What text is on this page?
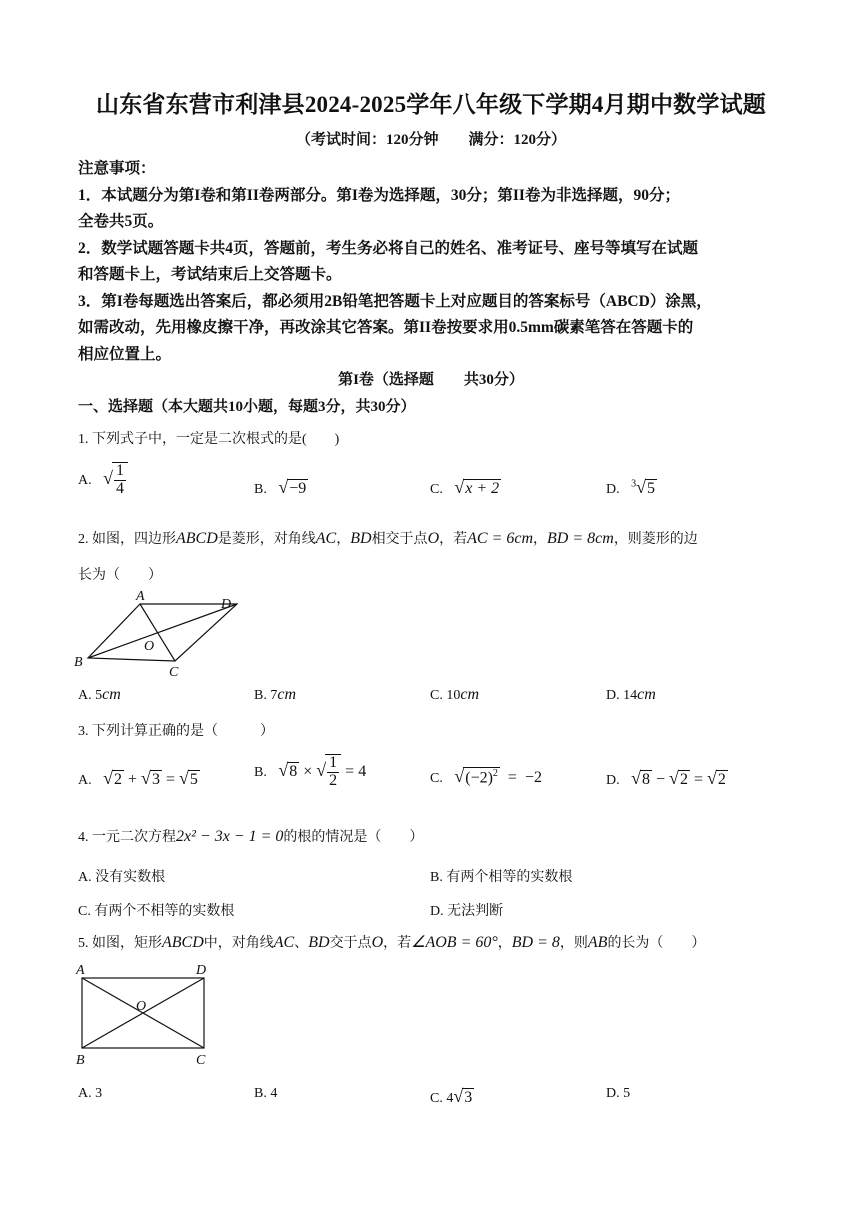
山东省东营市利津县2024-2025学年八年级下学期4月期中数学试题
（考试时间：120分钟　　满分：120分）

注意事项：

1．本试题分为第I卷和第II卷两部分。第I卷为选择题，30分；第II卷为非选择题，90分；

全卷共5页。

2．数学试题答题卡共4页，答题前，考生务必将自己的姓名、准考证号、座号等填写在试题

和答题卡上，考试结束后上交答题卡。

3．第I卷每题选出答案后，都必须用2B铅笔把答题卡上对应题目的答案标号（ABCD）涂黑，

如需改动，先用橡皮擦干净，再改涂其它答案。第II卷按要求用0.5mm碳素笔答在答题卡的

相应位置上。

第I卷（选择题　　共30分）
一、选择题（本大题共10小题，每题3分，共30分）
1. 下列式子中，一定是二次根式的是(　　)
A. √ $\frac{1}{4}$	B. √−9	C. √x + 2	D. $^3$√5
2. 如图，四边形ABCD是菱形，对角线AC，BD相交于点O，若AC = 6cm，BD = 8cm，则菱形的边
长为（　　）
A
D
B
C
O
A. 5cm	B. 7cm	C. 10cm	D. 14cm
3. 下列计算正确的是（　　　）
A. √2 + √3 = √5	B. √8 × √ $\frac{1}{2} = 4$	C. $√(-2)^2 = -2$	D. √8 − √2 = √2
4. 一元二次方程2x² − 3x − 1 = 0的根的情况是（　　）
A. 没有实数根	B. 有两个相等的实数根
C. 有两个不相等的实数根	D. 无法判断
5. 如图，矩形ABCD中，对角线AC、BD交于点O，若∠AOB = 60°，BD = 8，则AB的长为（　　）
A	D
B	C
O
A. 3	B. 4	C. 4√3	D. 5
